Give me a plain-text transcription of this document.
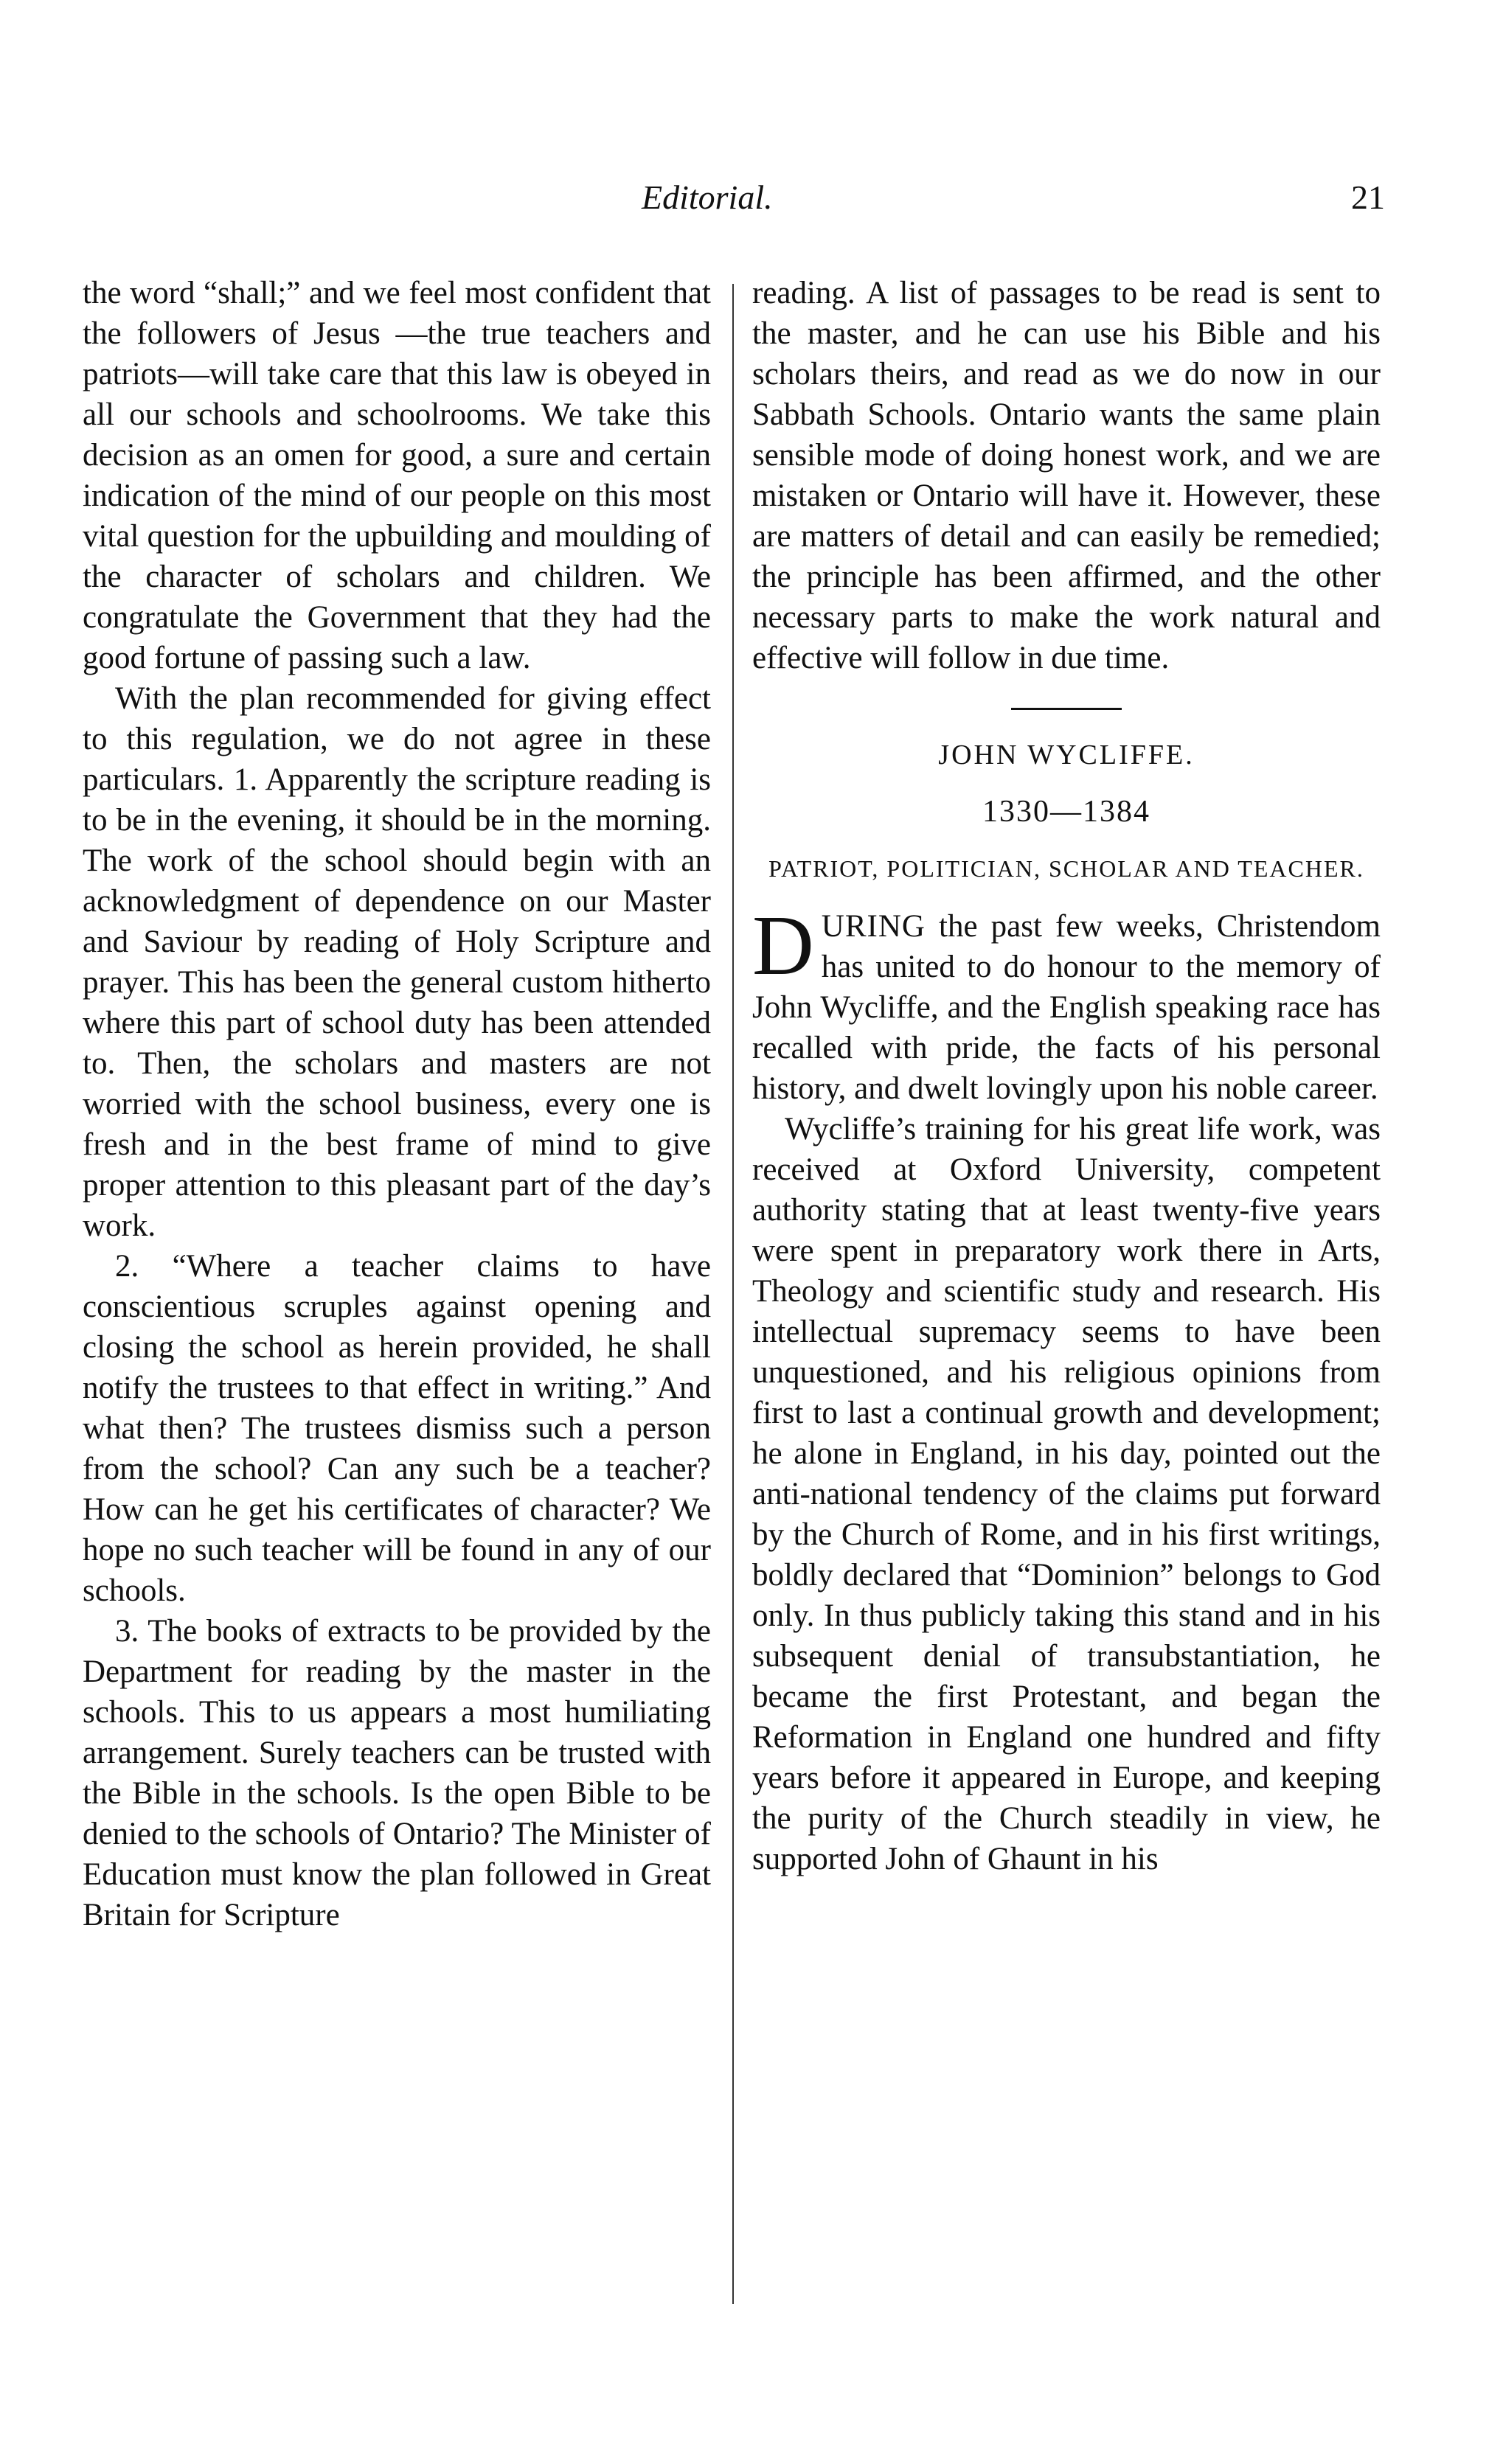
Editorial.	21

the word “shall;” and we feel most confident that the followers of Jesus —the true teachers and patriots—will take care that this law is obeyed in all our schools and schoolrooms. We take this decision as an omen for good, a sure and certain indication of the mind of our people on this most vital question for the upbuilding and moulding of the character of scholars and children. We congratulate the Government that they had the good fortune of passing such a law.

With the plan recommended for giving effect to this regulation, we do not agree in these particulars. 1. Apparently the scripture reading is to be in the evening, it should be in the morning. The work of the school should begin with an acknowledgment of dependence on our Master and Saviour by reading of Holy Scripture and prayer. This has been the general custom hitherto where this part of school duty has been attended to. Then, the scholars and masters are not worried with the school business, every one is fresh and in the best frame of mind to give proper attention to this pleasant part of the day’s work.

2. “Where a teacher claims to have conscientious scruples against opening and closing the school as herein provided, he shall notify the trustees to that effect in writing.” And what then? The trustees dismiss such a person from the school? Can any such be a teacher? How can he get his certificates of character? We hope no such teacher will be found in any of our schools.

3. The books of extracts to be provided by the Department for reading by the master in the schools. This to us appears a most humiliating arrangement. Surely teachers can be trusted with the Bible in the schools. Is the open Bible to be denied to the schools of Ontario? The Minister of Education must know the plan followed in Great Britain for Scripture

reading. A list of passages to be read is sent to the master, and he can use his Bible and his scholars theirs, and read as we do now in our Sabbath Schools. Ontario wants the same plain sensible mode of doing honest work, and we are mistaken or Ontario will have it. However, these are matters of detail and can easily be remedied; the principle has been affirmed, and the other necessary parts to make the work natural and effective will follow in due time.

JOHN WYCLIFFE.
1330—1384
PATRIOT, POLITICIAN, SCHOLAR AND TEACHER.

DURING the past few weeks, Christendom has united to do honour to the memory of John Wycliffe, and the English speaking race has recalled with pride, the facts of his personal history, and dwelt lovingly upon his noble career.

Wycliffe’s training for his great life work, was received at Oxford University, competent authority stating that at least twenty-five years were spent in preparatory work there in Arts, Theology and scientific study and research. His intellectual supremacy seems to have been unquestioned, and his religious opinions from first to last a continual growth and development; he alone in England, in his day, pointed out the anti-national tendency of the claims put forward by the Church of Rome, and in his first writings, boldly declared that “Dominion” belongs to God only. In thus publicly taking this stand and in his subsequent denial of transubstantiation, he became the first Protestant, and began the Reformation in England one hundred and fifty years before it appeared in Europe, and keeping the purity of the Church steadily in view, he supported John of Ghaunt in his
